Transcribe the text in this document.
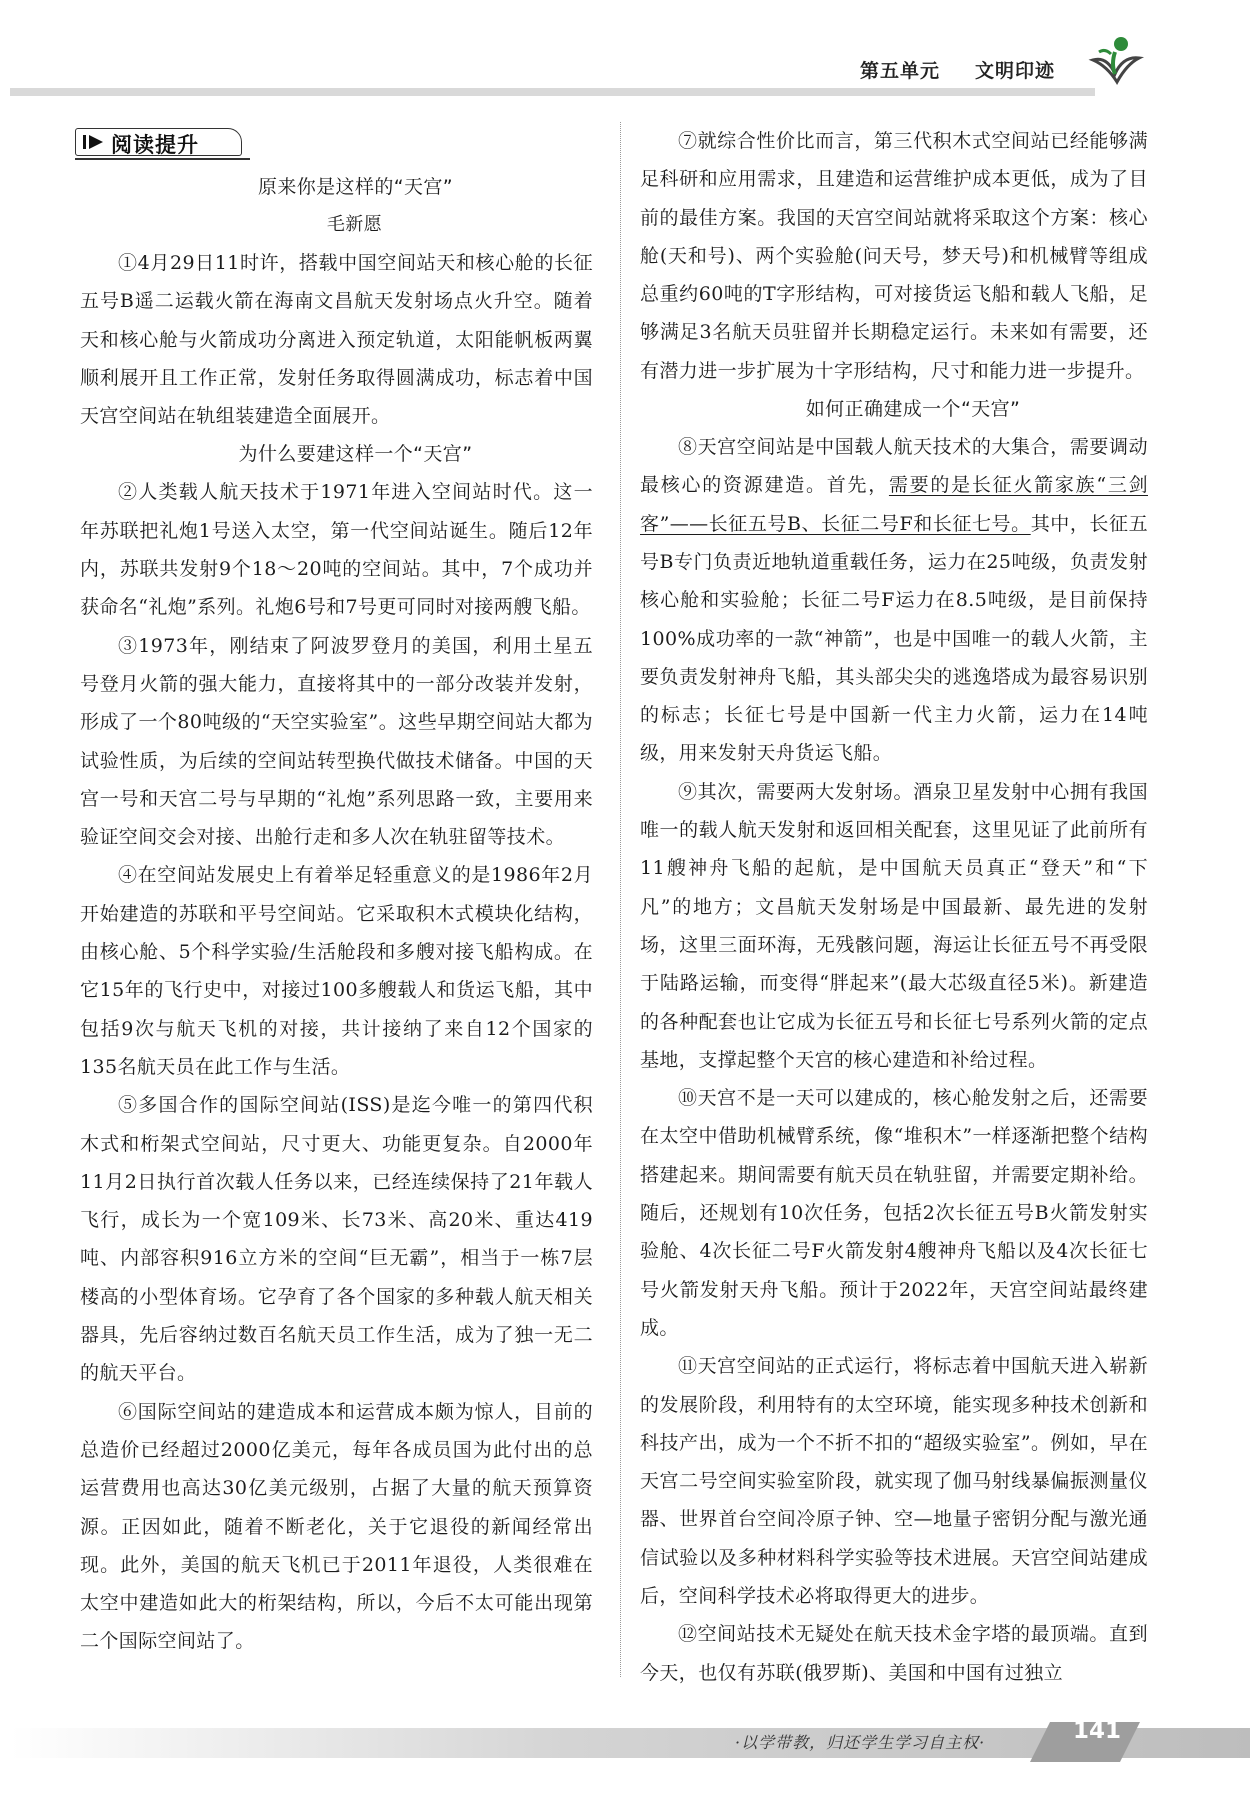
第五单元 文明印迹
阅读提升

原来你是这样的“天宫”

毛新愿

①4月29日11时许，搭载中国空间站天和核心舱的长征五号B遥二运载火箭在海南文昌航天发射场点火升空。随着天和核心舱与火箭成功分离进入预定轨道，太阳能帆板两翼顺利展开且工作正常，发射任务取得圆满成功，标志着中国天宫空间站在轨组装建造全面展开。

为什么要建这样一个“天宫”

②人类载人航天技术于1971年进入空间站时代。这一年苏联把礼炮1号送入太空，第一代空间站诞生。随后12年内，苏联共发射9个18～20吨的空间站。其中，7个成功并获命名“礼炮”系列。礼炮6号和7号更可同时对接两艘飞船。

③1973年，刚结束了阿波罗登月的美国，利用土星五号登月火箭的强大能力，直接将其中的一部分改装并发射，形成了一个80吨级的“天空实验室”。这些早期空间站大都为试验性质，为后续的空间站转型换代做技术储备。中国的天宫一号和天宫二号与早期的“礼炮”系列思路一致，主要用来验证空间交会对接、出舱行走和多人次在轨驻留等技术。

④在空间站发展史上有着举足轻重意义的是1986年2月开始建造的苏联和平号空间站。它采取积木式模块化结构，由核心舱、5个科学实验/生活舱段和多艘对接飞船构成。在它15年的飞行史中，对接过100多艘载人和货运飞船，其中包括9次与航天飞机的对接，共计接纳了来自12个国家的135名航天员在此工作与生活。

⑤多国合作的国际空间站(ISS)是迄今唯一的第四代积木式和桁架式空间站，尺寸更大、功能更复杂。自2000年11月2日执行首次载人任务以来，已经连续保持了21年载人飞行，成长为一个宽109米、长73米、高20米、重达419吨、内部容积916立方米的空间“巨无霸”，相当于一栋7层楼高的小型体育场。它孕育了各个国家的多种载人航天相关器具，先后容纳过数百名航天员工作生活，成为了独一无二的航天平台。

⑥国际空间站的建造成本和运营成本颇为惊人，目前的总造价已经超过2000亿美元，每年各成员国为此付出的总运营费用也高达30亿美元级别，占据了大量的航天预算资源。正因如此，随着不断老化，关于它退役的新闻经常出现。此外，美国的航天飞机已于2011年退役，人类很难在太空中建造如此大的桁架结构，所以，今后不太可能出现第二个国际空间站了。

⑦就综合性价比而言，第三代积木式空间站已经能够满足科研和应用需求，且建造和运营维护成本更低，成为了目前的最佳方案。我国的天宫空间站就将采取这个方案：核心舱(天和号)、两个实验舱(问天号，梦天号)和机械臂等组成总重约60吨的T字形结构，可对接货运飞船和载人飞船，足够满足3名航天员驻留并长期稳定运行。未来如有需要，还有潜力进一步扩展为十字形结构，尺寸和能力进一步提升。

如何正确建成一个“天宫”

⑧天宫空间站是中国载人航天技术的大集合，需要调动最核心的资源建造。首先，需要的是长征火箭家族“三剑客”——长征五号B、长征二号F和长征七号。其中，长征五号B专门负责近地轨道重载任务，运力在25吨级，负责发射核心舱和实验舱；长征二号F运力在8.5吨级，是目前保持100%成功率的一款“神箭”，也是中国唯一的载人火箭，主要负责发射神舟飞船，其头部尖尖的逃逸塔成为最容易识别的标志；长征七号是中国新一代主力火箭，运力在14吨级，用来发射天舟货运飞船。

⑨其次，需要两大发射场。酒泉卫星发射中心拥有我国唯一的载人航天发射和返回相关配套，这里见证了此前所有11艘神舟飞船的起航，是中国航天员真正“登天”和“下凡”的地方；文昌航天发射场是中国最新、最先进的发射场，这里三面环海，无残骸问题，海运让长征五号不再受限于陆路运输，而变得“胖起来”(最大芯级直径5米)。新建造的各种配套也让它成为长征五号和长征七号系列火箭的定点基地，支撑起整个天宫的核心建造和补给过程。

⑩天宫不是一天可以建成的，核心舱发射之后，还需要在太空中借助机械臂系统，像“堆积木”一样逐渐把整个结构搭建起来。期间需要有航天员在轨驻留，并需要定期补给。随后，还规划有10次任务，包括2次长征五号B火箭发射实验舱、4次长征二号F火箭发射4艘神舟飞船以及4次长征七号火箭发射天舟飞船。预计于2022年，天宫空间站最终建成。

⑪天宫空间站的正式运行，将标志着中国航天进入崭新的发展阶段，利用特有的太空环境，能实现多种技术创新和科技产出，成为一个不折不扣的“超级实验室”。例如，早在天宫二号空间实验室阶段，就实现了伽马射线暴偏振测量仪器、世界首台空间冷原子钟、空—地量子密钥分配与激光通信试验以及多种材料科学实验等技术进展。天宫空间站建成后，空间科学技术必将取得更大的进步。

⑫空间站技术无疑处在航天技术金字塔的最顶端。直到今天，也仅有苏联(俄罗斯)、美国和中国有过独立

·以学带教，归还学生学习自主权·	141
